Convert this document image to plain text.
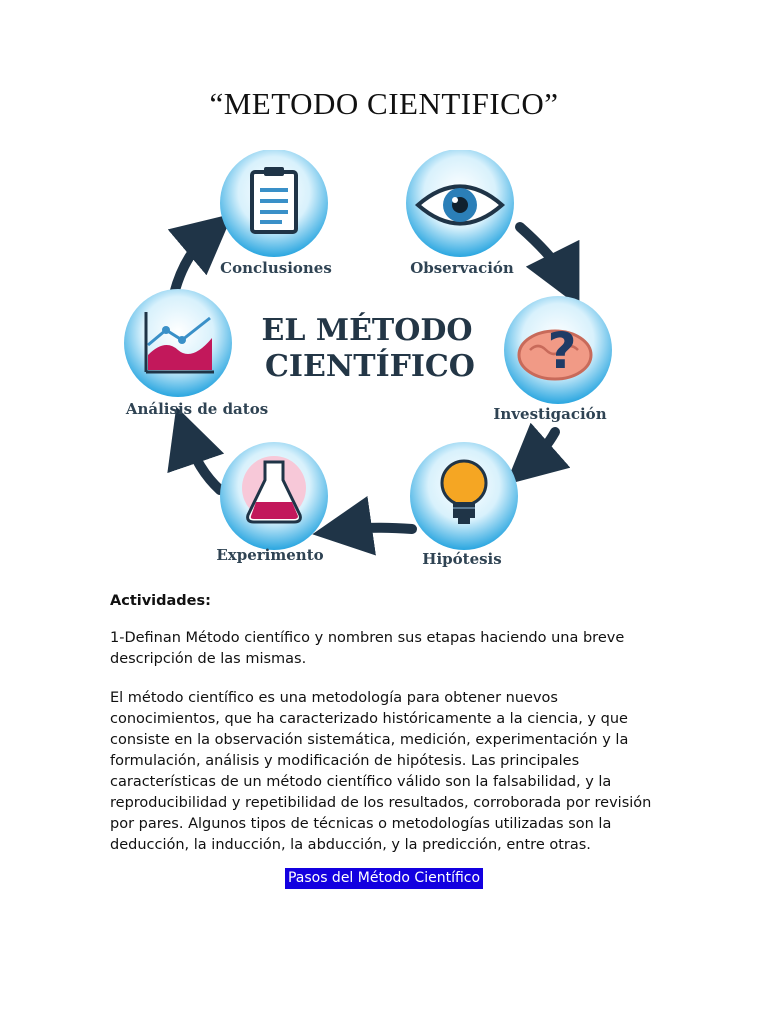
“METODO CIENTIFICO”
Conclusiones	Observación
?
Investigación
Hipótesis
Experimento
Análisis de datos
EL MÉTODO
CIENTÍFICO
Actividades:
1-Definan Método científico y nombren sus etapas haciendo una breve descripción de las mismas.
El método científico es una metodología para obtener nuevos conocimientos, que ha caracterizado históricamente a la ciencia, y que consiste en la observación sistemática, medición, experimentación y la formulación, análisis y modificación de hipótesis. Las principales características de un método científico válido son la falsabilidad, y la reproducibilidad y repetibilidad de los resultados, corroborada por revisión por pares. Algunos tipos de técnicas o metodologías utilizadas son la deducción, la inducción, la abducción, y la predicción, entre otras.
Pasos del Método Científico
